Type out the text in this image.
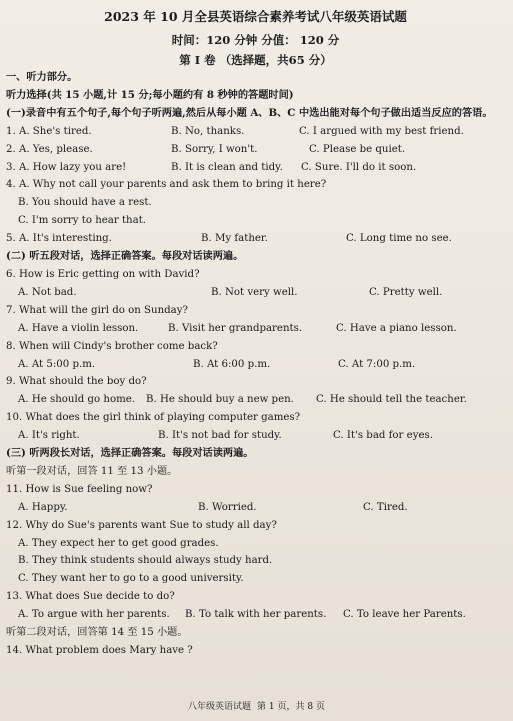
2023 年 10 月全县英语综合素养考试八年级英语试题
时间：120 分钟 分值： 120 分
第 I 卷 （选择题，共65 分）
一、听力部分。
听力选择(共 15 小题,计 15 分;每小题约有 8 秒钟的答题时间)
(一)录音中有五个句子,每个句子听两遍,然后从每小题 A、B、C 中选出能对每个句子做出适当反应的答语。
1. A. She's tired.	B. No, thanks.	C. I argued with my best friend.
2. A. Yes, please.	B. Sorry, I won't.	C. Please be quiet.
3. A. How lazy you are!	B. It is clean and tidy.	C. Sure. I'll do it soon.
4. A. Why not call your parents and ask them to bring it here?
B. You should have a rest.
C. I'm sorry to hear that.
5. A. It's interesting.	B. My father.	C. Long time no see.
(二) 听五段对话，选择正确答案。每段对话读两遍。
6. How is Eric getting on with David?
A. Not bad.	B. Not very well.	C. Pretty well.
7. What will the girl do on Sunday?
A. Have a violin lesson.	B. Visit her grandparents.	C. Have a piano lesson.
8. When will Cindy's brother come back?
A. At 5:00 p.m.	B. At 6:00 p.m.	C. At 7:00 p.m.
9. What should the boy do?
A. He should go home.	B. He should buy a new pen.	C. He should tell the teacher.
10. What does the girl think of playing computer games?
A. It's right.	B. It's not bad for study.	C. It's bad for eyes.
(三) 听两段长对话，选择正确答案。每段对话读两遍。
听第一段对话，回答 11 至 13 小题。
11. How is Sue feeling now?
A. Happy.	B. Worried.	C. Tired.
12. Why do Sue's parents want Sue to study all day?
A. They expect her to get good grades.
B. They think students should always study hard.
C. They want her to go to a good university.
13. What does Sue decide to do?
A. To argue with her parents.	B. To talk with her parents.	C. To leave her Parents.
听第二段对话，回答第 14 至 15 小题。
14. What problem does Mary have ?
八年级英语试题 第 1 页，共 8 页
